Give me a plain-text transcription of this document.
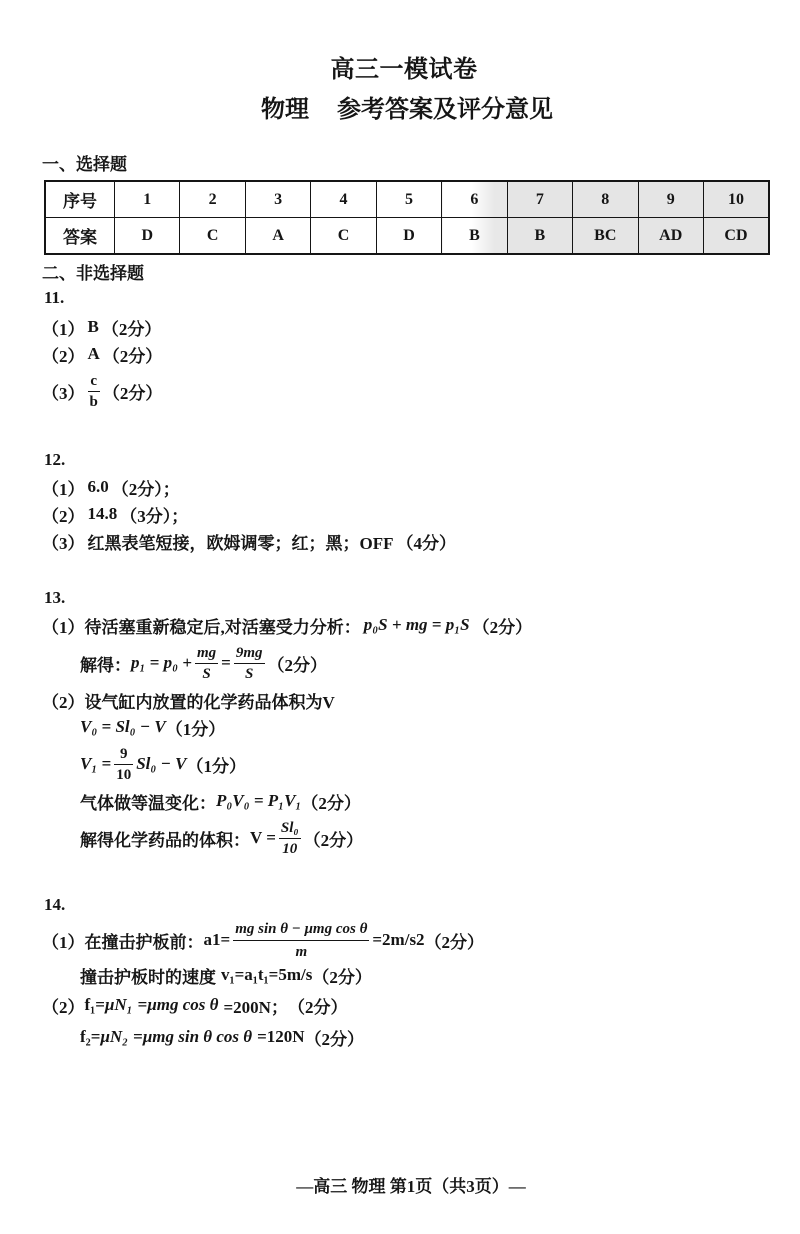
高三一模试卷
物理 参考答案及评分意见
一、选择题
序号	1	2	3	4	5	6	7	8	9	10
答案	D	C	A	C	D	B	B	BC	AD	CD
二、非选择题
11.
（1） B （2分）
（2） A （2分）
$(3) \frac{c}{b} (2$分）
12.
（1） 6.0 （2分）；
（2） 14.8 （3分）；
（3） 红黑表笔短接，欧姆调零；红；黑；OFF （4分）
13.
（1） 待活塞重新稳定后,对活塞受力分析： p₀S + mg = p₁S （2分）
解得： $p_1 = p_0 + \frac{mg}{S} = \frac{9mg}{S} (2$分）
（2） 设气缸内放置的化学药品体积为V
V₀ = Sl₀ − V （1分）
$V_1 = \frac{9}{10} Sl_0 - V$ （1分）
气体做等温变化： P₀V₀ = P₁V₁ （2分）
解得化学药品的体积： $V = \frac{\text{Sl₀}}{10} (2$分）
14.
（1） 在撞击护板前： $a1= \frac{\text{mg sin θ − μmg cos θ}}{m} =2m/s2$ （2分）
撞击护板时的速度 v₁=a₁t₁=5m/s （2分）
（2） f₁= μN₁ = μmg cos θ =200N； （2分）
f₂= μN₂ = μmg sin θ cos θ =120N （2分）
—高三 物理 第1页（共3页）—
